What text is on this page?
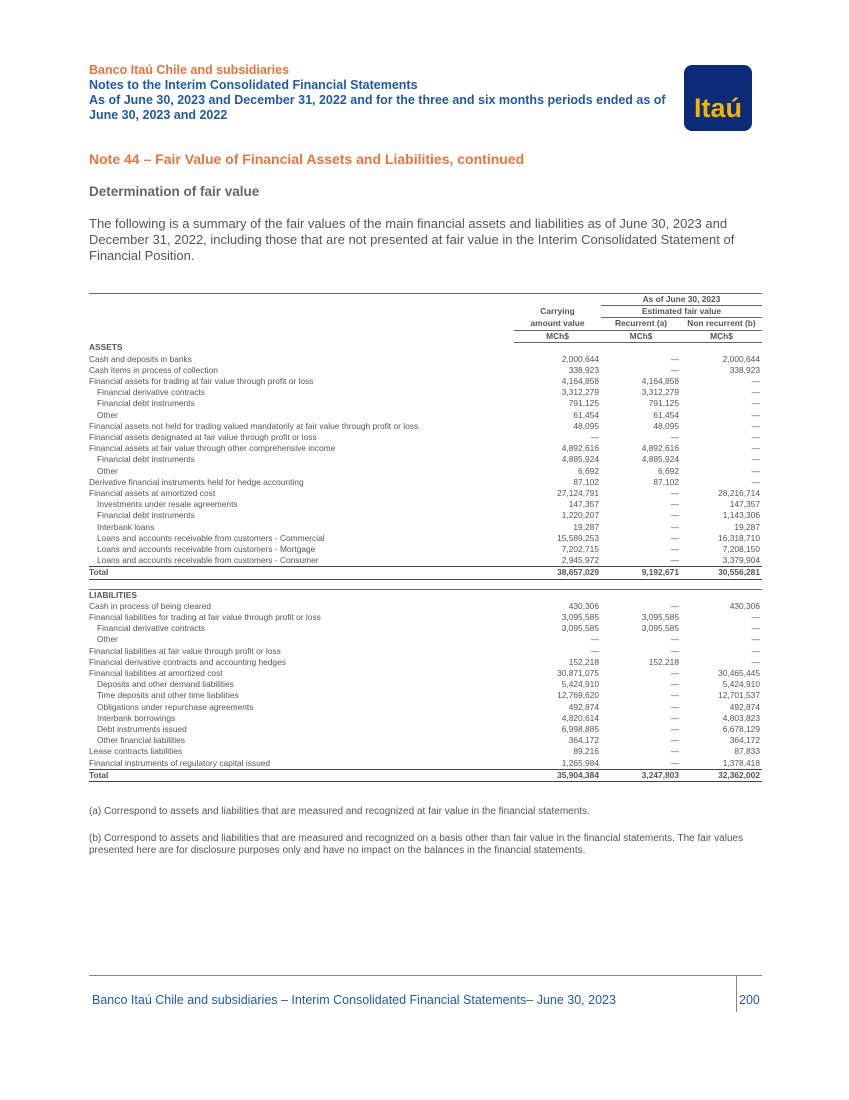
Banco Itaú Chile and subsidiaries
Notes to the Interim Consolidated Financial Statements
As of June 30, 2023 and December 31, 2022 and for the three and six months periods ended as of June 30, 2023 and 2022	Itaú
Note 44 – Fair Value of Financial Assets and Liabilities, continued
Determination of fair value
The following is a summary of the fair values of the main financial assets and liabilities as of June 30, 2023 and December 31, 2022, including those that are not presented at fair value in the Interim Consolidated Statement of Financial Position.
		As of June 30, 2023	
	Carrying	Estimated fair value	
	amount value	Recurrent (a)	Non recurrent (b)
	MCh$	MCh$	MCh$
ASSETS			
Cash and deposits in banks	2,000,644	—	2,000,644
Cash items in process of collection	338,923	—	338,923
Financial assets for trading at fair value through profit or loss	4,164,858	4,164,858	—
Financial derivative contracts	3,312,279	3,312,279	—
Financial debt instruments	791,125	791,125	—
Other	61,454	61,454	—
Financial assets not held for trading valued mandatorily at fair value through profit or loss	48,095	48,095	—
Financial assets designated at fair value through profit or loss	—	—	—
Financial assets at fair value through other comprehensive income	4,892,616	4,892,616	—
Financial debt instruments	4,885,924	4,885,924	—
Other	6,692	6,692	—
Derivative financial instruments held for hedge accounting	87,102	87,102	—
Financial assets at amortized cost	27,124,791	—	28,216,714
Investments under resale agreements	147,357	—	147,357
Financial debt instruments	1,220,207	—	1,143,306
Interbank loans	19,287	—	19,287
Loans and accounts receivable from customers - Commercial	15,589,253	—	16,318,710
Loans and accounts receivable from customers - Mortgage	7,202,715	—	7,208,150
Loans and accounts receivable from customers - Consumer	2,945,972	—	3,379,904
Total	38,657,029	9,192,671	30,556,281

LIABILITIES			
Cash in process of being cleared	430,306	—	430,306
Financial liabilities for trading at fair value through profit or loss	3,095,585	3,095,585	—
Financial derivative contracts	3,095,585	3,095,585	—
Other	—	—	—
Financial liabilities at fair value through profit or loss	—	—	—
Financial derivative contracts and accounting hedges	152,218	152,218	—
Financial liabilities at amortized cost	30,871,075	—	30,465,445
Deposits and other demand liabilities	5,424,910	—	5,424,910
Time deposits and other time liabilities	12,769,620	—	12,701,537
Obligations under repurchase agreements	492,874	—	492,874
Interbank borrowings	4,820,614	—	4,803,823
Debt instruments issued	6,998,885	—	6,678,129
Other financial liabilities	364,172	—	364,172
Lease contracts liabilities	89,216	—	87,833
Financial instruments of regulatory capital issued	1,265,984	—	1,378,418
Total	35,904,384	3,247,803	32,362,002
(a) Correspond to assets and liabilities that are measured and recognized at fair value in the financial statements.
(b) Correspond to assets and liabilities that are measured and recognized on a basis other than fair value in the financial statements. The fair values presented here are for disclosure purposes only and have no impact on the balances in the financial statements.
Banco Itaú Chile and subsidiaries – Interim Consolidated Financial Statements– June 30, 2023	200
